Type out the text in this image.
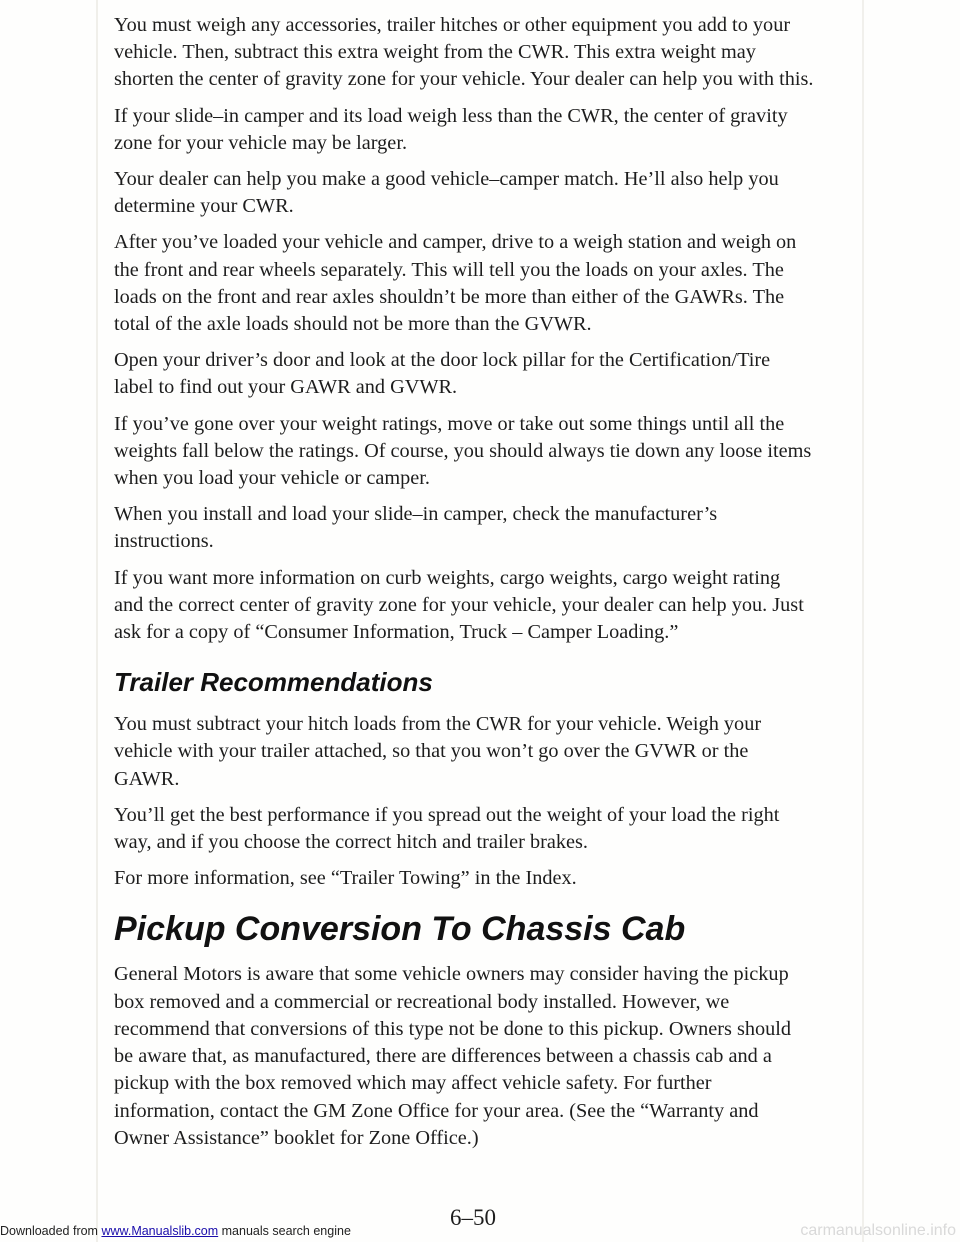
You must weigh any accessories, trailer hitches or other equipment you add to your vehicle. Then, subtract this extra weight from the CWR. This extra weight may shorten the center of gravity zone for your vehicle. Your dealer can help you with this.

If your slide–in camper and its load weigh less than the CWR, the center of gravity zone for your vehicle may be larger.

Your dealer can help you make a good vehicle–camper match. He’ll also help you determine your CWR.

After you’ve loaded your vehicle and camper, drive to a weigh station and weigh on the front and rear wheels separately. This will tell you the loads on your axles. The loads on the front and rear axles shouldn’t be more than either of the GAWRs. The total of the axle loads should not be more than the GVWR.

Open your driver’s door and look at the door lock pillar for the Certification/Tire label to find out your GAWR and GVWR.

If you’ve gone over your weight ratings, move or take out some things until all the weights fall below the ratings. Of course, you should always tie down any loose items when you load your vehicle or camper.

When you install and load your slide–in camper, check the manufacturer’s instructions.

If you want more information on curb weights, cargo weights, cargo weight rating and the correct center of gravity zone for your vehicle, your dealer can help you. Just ask for a copy of “Consumer Information, Truck – Camper Loading.”

Trailer Recommendations

You must subtract your hitch loads from the CWR for your vehicle. Weigh your vehicle with your trailer attached, so that you won’t go over the GVWR or the GAWR.

You’ll get the best performance if you spread out the weight of your load the right way, and if you choose the correct hitch and trailer brakes.

For more information, see “Trailer Towing” in the Index.

Pickup Conversion To Chassis Cab

General Motors is aware that some vehicle owners may consider having the pickup box removed and a commercial or recreational body installed. However, we recommend that conversions of this type not be done to this pickup. Owners should be aware that, as manufactured, there are differences between a chassis cab and a pickup with the box removed which may affect vehicle safety. For further information, contact the GM Zone Office for your area. (See the “Warranty and Owner Assistance” booklet for Zone Office.)

6–50
Downloaded from www.Manualslib.com manuals search engine	carmanualsonline.info
